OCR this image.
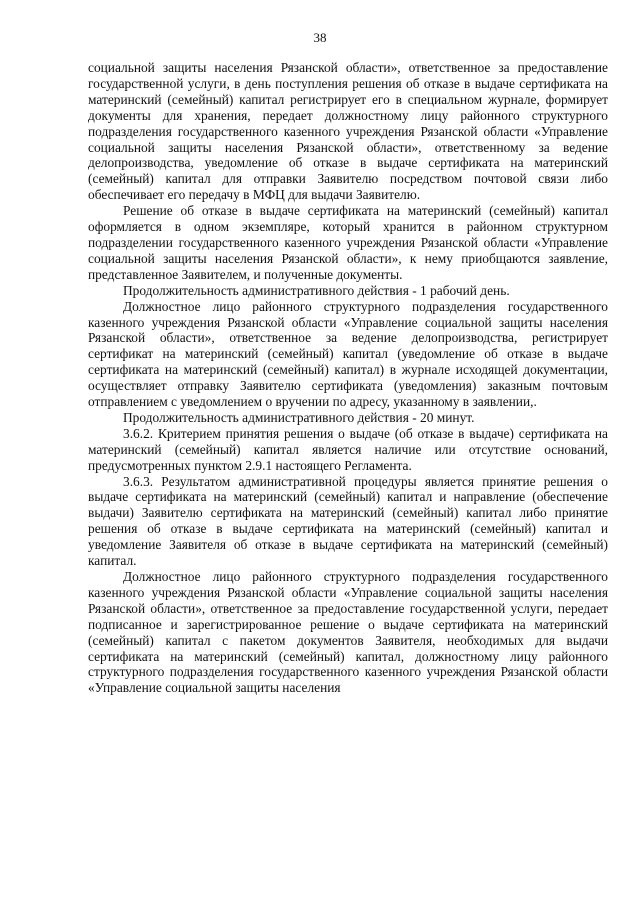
38

социальной защиты населения Рязанской области», ответственное за предоставление государственной услуги, в день поступления решения об отказе в выдаче сертификата на материнский (семейный) капитал регистрирует его в специальном журнале, формирует документы для хранения, передает должностному лицу районного структурного подразделения государственного казенного учреждения Рязанской области «Управление социальной защиты населения Рязанской области», ответственному за ведение делопроизводства, уведомление об отказе в выдаче сертификата на материнский (семейный) капитал для отправки Заявителю посредством почтовой связи либо обеспечивает его передачу в МФЦ для выдачи Заявителю.

Решение об отказе в выдаче сертификата на материнский (семейный) капитал оформляется в одном экземпляре, который хранится в районном структурном подразделении государственного казенного учреждения Рязанской области «Управление социальной защиты населения Рязанской области», к нему приобщаются заявление, представленное Заявителем, и полученные документы.

Продолжительность административного действия - 1 рабочий день.

Должностное лицо районного структурного подразделения государственного казенного учреждения Рязанской области «Управление социальной защиты населения Рязанской области», ответственное за ведение делопроизводства, регистрирует сертификат на материнский (семейный) капитал (уведомление об отказе в выдаче сертификата на материнский (семейный) капитал) в журнале исходящей документации, осуществляет отправку Заявителю сертификата (уведомления) заказным почтовым отправлением с уведомлением о вручении по адресу, указанному в заявлении,.

Продолжительность административного действия - 20 минут.

3.6.2. Критерием принятия решения о выдаче (об отказе в выдаче) сертификата на материнский (семейный) капитал является наличие или отсутствие оснований, предусмотренных пунктом 2.9.1 настоящего Регламента.

3.6.3. Результатом административной процедуры является принятие решения о выдаче сертификата на материнский (семейный) капитал и направление (обеспечение выдачи) Заявителю сертификата на материнский (семейный) капитал либо принятие решения об отказе в выдаче сертификата на материнский (семейный) капитал и уведомление Заявителя об отказе в выдаче сертификата на материнский (семейный) капитал.

Должностное лицо районного структурного подразделения государственного казенного учреждения Рязанской области «Управление социальной защиты населения Рязанской области», ответственное за предоставление государственной услуги, передает подписанное и зарегистрированное решение о выдаче сертификата на материнский (семейный) капитал с пакетом документов Заявителя, необходимых для выдачи сертификата на материнский (семейный) капитал, должностному лицу районного структурного подразделения государственного казенного учреждения Рязанской области «Управление социальной защиты населения
